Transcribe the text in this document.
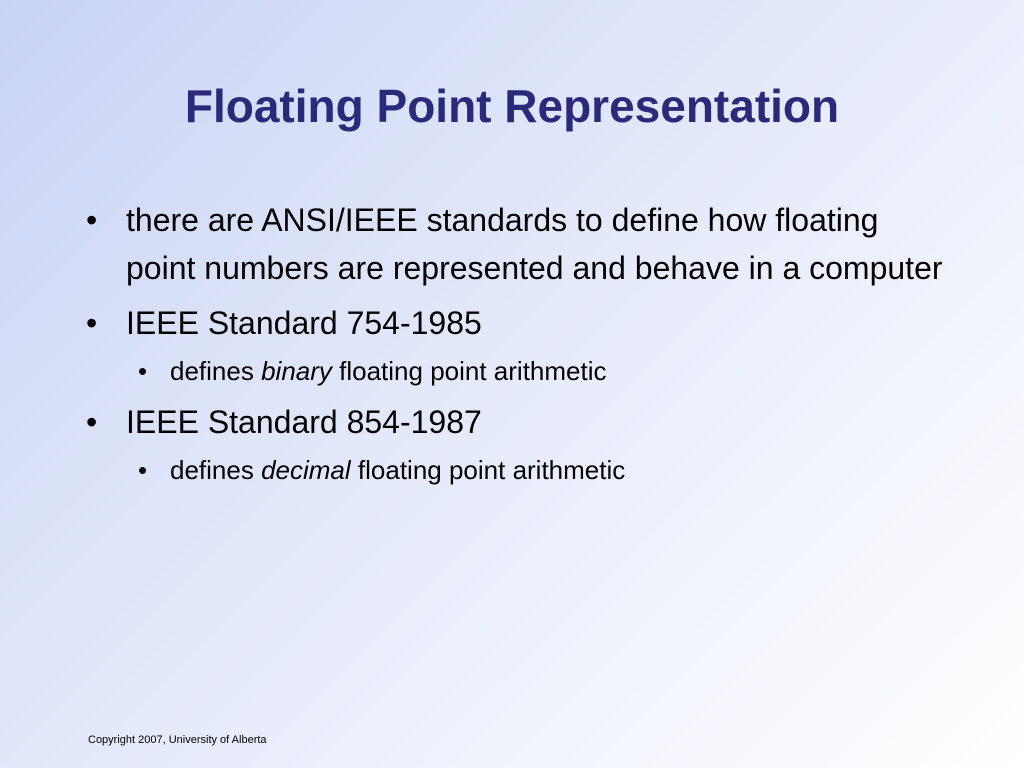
Floating Point Representation
• there are ANSI/IEEE standards to define how floating point numbers are represented and behave in a computer
• IEEE Standard 754-1985
• defines binary floating point arithmetic
• IEEE Standard 854-1987
• defines decimal floating point arithmetic
Copyright 2007, University of Alberta
